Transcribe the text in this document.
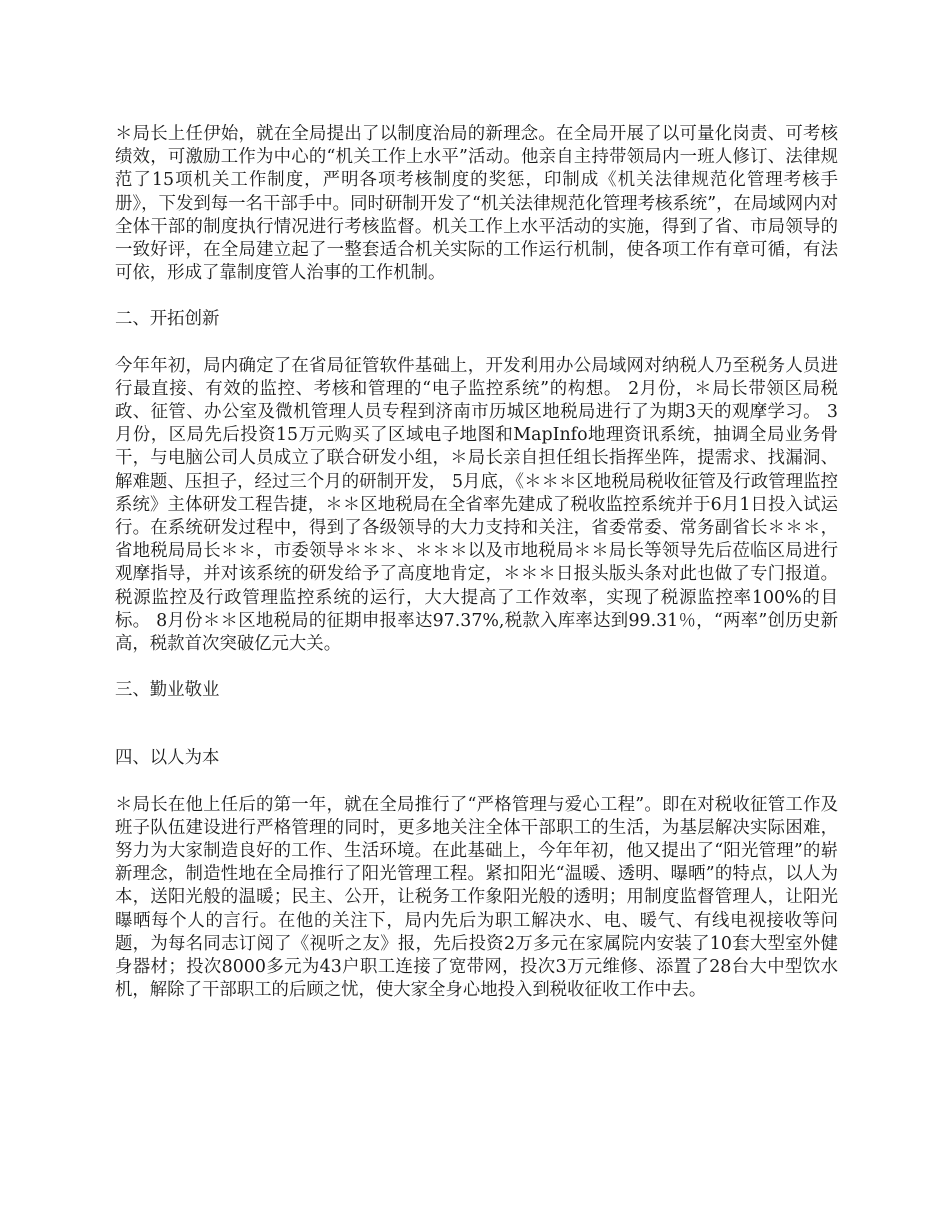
＊局长上任伊始，就在全局提出了以制度治局的新理念。在全局开展了以可量化岗责、可考核绩效，可激励工作为中心的“机关工作上水平”活动。他亲自主持带领局内一班人修订、法律规范了15项机关工作制度，严明各项考核制度的奖惩，印制成《机关法律规范化管理考核手册》，下发到每一名干部手中。同时研制开发了“机关法律规范化管理考核系统”，在局域网内对全体干部的制度执行情况进行考核监督。机关工作上水平活动的实施，得到了省、市局领导的一致好评，在全局建立起了一整套适合机关实际的工作运行机制，使各项工作有章可循，有法可依，形成了靠制度管人治事的工作机制。

二、开拓创新

今年年初，局内确定了在省局征管软件基础上，开发利用办公局域网对纳税人乃至税务人员进行最直接、有效的监控、考核和管理的“电子监控系统”的构想。 2月份，＊局长带领区局税政、征管、办公室及微机管理人员专程到济南市历城区地税局进行了为期3天的观摩学习。 3月份，区局先后投资15万元购买了区域电子地图和MapInfo地理资讯系统，抽调全局业务骨干，与电脑公司人员成立了联合研发小组，＊局长亲自担任组长指挥坐阵，提需求、找漏洞、解难题、压担子，经过三个月的研制开发， 5月底，《＊＊＊区地税局税收征管及行政管理监控系统》主体研发工程告捷，＊＊区地税局在全省率先建成了税收监控系统并于6月1日投入试运行。在系统研发过程中，得到了各级领导的大力支持和关注，省委常委、常务副省长＊＊＊，省地税局局长＊＊，市委领导＊＊＊、＊＊＊以及市地税局＊＊局长等领导先后莅临区局进行观摩指导，并对该系统的研发给予了高度地肯定，＊＊＊日报头版头条对此也做了专门报道。税源监控及行政管理监控系统的运行，大大提高了工作效率，实现了税源监控率100%的目标。 8月份＊＊区地税局的征期申报率达97.37%,税款入库率达到99.31％，“两率”创历史新高，税款首次突破亿元大关。

三、勤业敬业

四、以人为本

＊局长在他上任后的第一年，就在全局推行了“严格管理与爱心工程”。即在对税收征管工作及班子队伍建设进行严格管理的同时，更多地关注全体干部职工的生活，为基层解决实际困难，努力为大家制造良好的工作、生活环境。在此基础上，今年年初，他又提出了“阳光管理”的崭新理念，制造性地在全局推行了阳光管理工程。紧扣阳光“温暖、透明、曝晒”的特点，以人为本，送阳光般的温暖；民主、公开，让税务工作象阳光般的透明；用制度监督管理人，让阳光曝晒每个人的言行。在他的关注下，局内先后为职工解决水、电、暖气、有线电视接收等问题，为每名同志订阅了《视听之友》报，先后投资2万多元在家属院内安装了10套大型室外健身器材；投次8000多元为43户职工连接了宽带网，投次3万元维修、添置了28台大中型饮水机，解除了干部职工的后顾之忧，使大家全身心地投入到税收征收工作中去。
